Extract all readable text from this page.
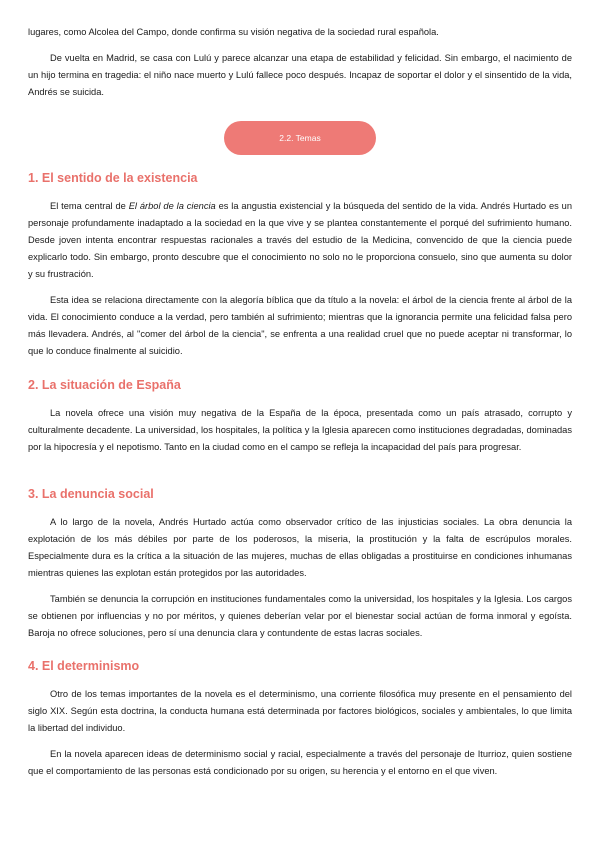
lugares, como Alcolea del Campo, donde confirma su visión negativa de la sociedad rural española.

De vuelta en Madrid, se casa con Lulú y parece alcanzar una etapa de estabilidad y felicidad. Sin embargo, el nacimiento de un hijo termina en tragedia: el niño nace muerto y Lulú fallece poco después. Incapaz de soportar el dolor y el sinsentido de la vida, Andrés se suicida.

2.2. Temas
1. El sentido de la existencia

El tema central de El árbol de la ciencia es la angustia existencial y la búsqueda del sentido de la vida. Andrés Hurtado es un personaje profundamente inadaptado a la sociedad en la que vive y se plantea constantemente el porqué del sufrimiento humano. Desde joven intenta encontrar respuestas racionales a través del estudio de la Medicina, convencido de que la ciencia puede explicarlo todo. Sin embargo, pronto descubre que el conocimiento no solo no le proporciona consuelo, sino que aumenta su dolor y su frustración.

Esta idea se relaciona directamente con la alegoría bíblica que da título a la novela: el árbol de la ciencia frente al árbol de la vida. El conocimiento conduce a la verdad, pero también al sufrimiento; mientras que la ignorancia permite una felicidad falsa pero más llevadera. Andrés, al "comer del árbol de la ciencia", se enfrenta a una realidad cruel que no puede aceptar ni transformar, lo que lo conduce finalmente al suicidio.

2. La situación de España

La novela ofrece una visión muy negativa de la España de la época, presentada como un país atrasado, corrupto y culturalmente decadente. La universidad, los hospitales, la política y la Iglesia aparecen como instituciones degradadas, dominadas por la hipocresía y el nepotismo. Tanto en la ciudad como en el campo se refleja la incapacidad del país para progresar.

3. La denuncia social

A lo largo de la novela, Andrés Hurtado actúa como observador crítico de las injusticias sociales. La obra denuncia la explotación de los más débiles por parte de los poderosos, la miseria, la prostitución y la falta de escrúpulos morales. Especialmente dura es la crítica a la situación de las mujeres, muchas de ellas obligadas a prostituirse en condiciones inhumanas mientras quienes las explotan están protegidos por las autoridades.

También se denuncia la corrupción en instituciones fundamentales como la universidad, los hospitales y la Iglesia. Los cargos se obtienen por influencias y no por méritos, y quienes deberían velar por el bienestar social actúan de forma inmoral y egoísta. Baroja no ofrece soluciones, pero sí una denuncia clara y contundente de estas lacras sociales.

4. El determinismo

Otro de los temas importantes de la novela es el determinismo, una corriente filosófica muy presente en el pensamiento del siglo XIX. Según esta doctrina, la conducta humana está determinada por factores biológicos, sociales y ambientales, lo que limita la libertad del individuo.

En la novela aparecen ideas de determinismo social y racial, especialmente a través del personaje de Iturrioz, quien sostiene que el comportamiento de las personas está condicionado por su origen, su herencia y el entorno en el que viven.
